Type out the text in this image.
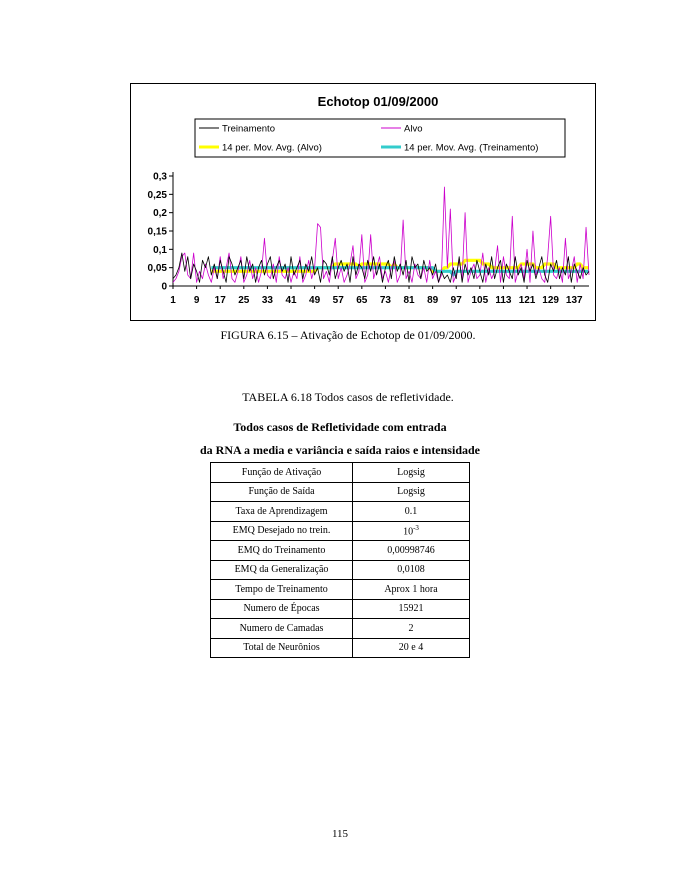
Echotop 01/09/2000
Treinamento	Alvo
14 per. Mov. Avg. (Alvo)	14 per. Mov. Avg. (Treinamento)
0
0,05
0,1
0,15
0,2
0,25
0,3
1 9 17 25 33 41 49 57 65 73 81 89 97 105 113 121 129 137
FIGURA 6.15 – Ativação de Echotop de 01/09/2000.
TABELA 6.18 Todos casos de refletividade.
Todos casos de Refletividade com entrada
da RNA a media e variância e saída raios e intensidade
Função de Ativação	Logsig
Função de Saída	Logsig
Taxa de Aprendizagem	0.1
EMQ Desejado no trein.	$10^{-3}$
EMQ do Treinamento	0,00998746
EMQ da Generalização	0,0108
Tempo de Treinamento	Aprox 1 hora
Numero de Épocas	15921
Numero de Camadas	2
Total de Neurônios	20 e 4
115
